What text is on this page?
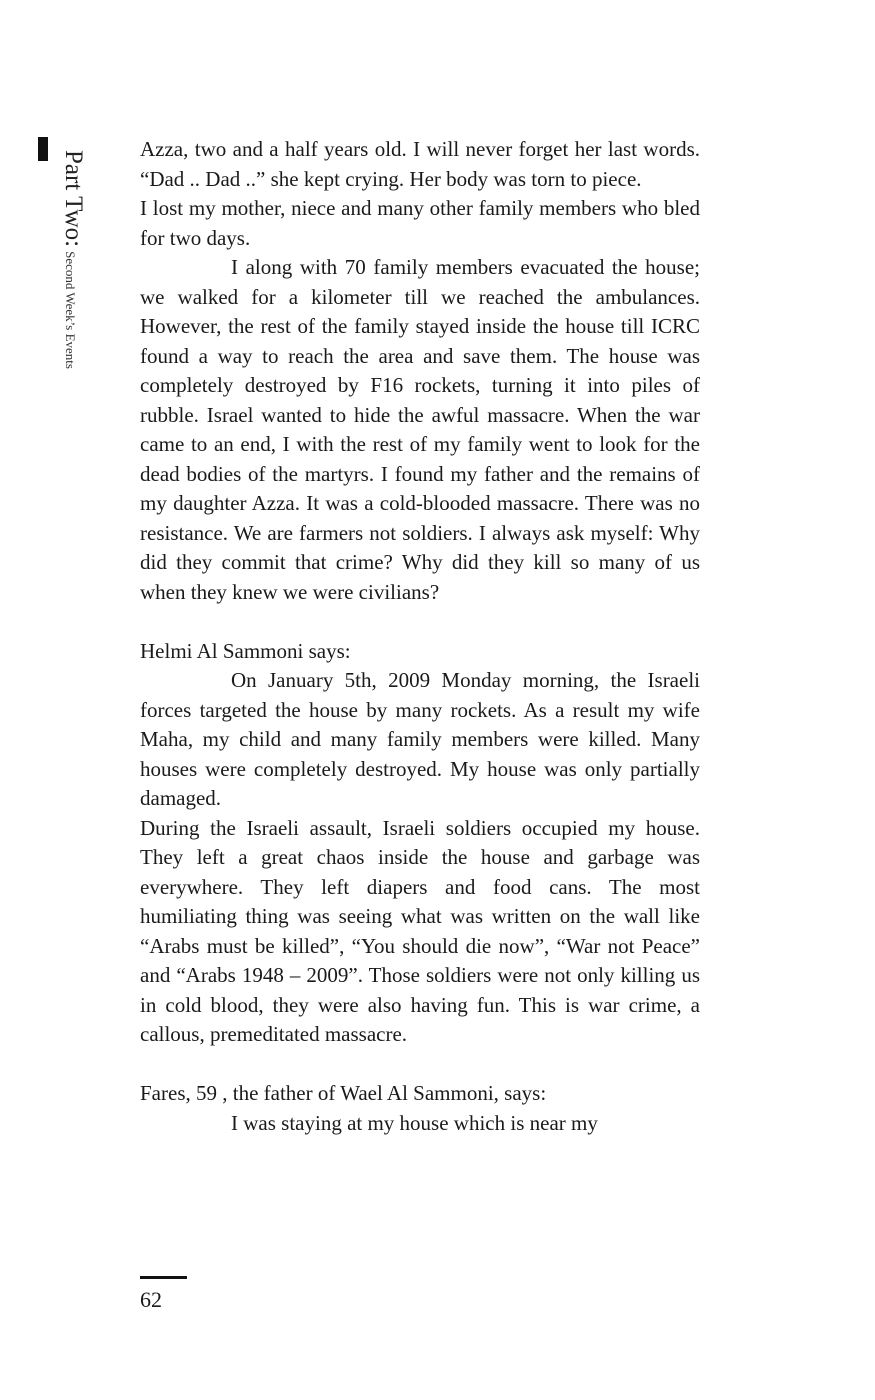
Part Two:Second Week’s Events

Azza, two and a half years old. I will never forget her last words. “Dad .. Dad ..” she kept crying. Her body was torn to piece.

I lost my mother, niece and many other family members who bled for two days.

I along with 70 family members evacuated the house; we walked for a kilometer till we reached the ambulances. However, the rest of the family stayed inside the house till ICRC found a way to reach the area and save them. The house was completely destroyed by F16 rockets, turning it into piles of rubble. Israel wanted to hide the awful massacre. When the war came to an end, I with the rest of my family went to look for the dead bodies of the martyrs. I found my father and the remains of my daughter Azza. It was a cold-blooded massacre. There was no resistance. We are farmers not soldiers. I always ask myself: Why did they commit that crime? Why did they kill so many of us when they knew we were civilians?

Helmi Al Sammoni says:

On January 5th, 2009 Monday morning, the Israeli forces targeted the house by many rockets. As a result my wife Maha, my child and many family members were killed. Many houses were completely destroyed. My house was only partially damaged.

During the Israeli assault, Israeli soldiers occupied my house. They left a great chaos inside the house and garbage was everywhere. They left diapers and food cans. The most humiliating thing was seeing what was written on the wall like “Arabs must be killed”, “You should die now”, “War not Peace” and “Arabs 1948 – 2009”. Those soldiers were not only killing us in cold blood, they were also having fun. This is war crime, a callous, premeditated massacre.

Fares, 59 , the father of Wael Al Sammoni, says:

I was staying at my house which is near my

62
